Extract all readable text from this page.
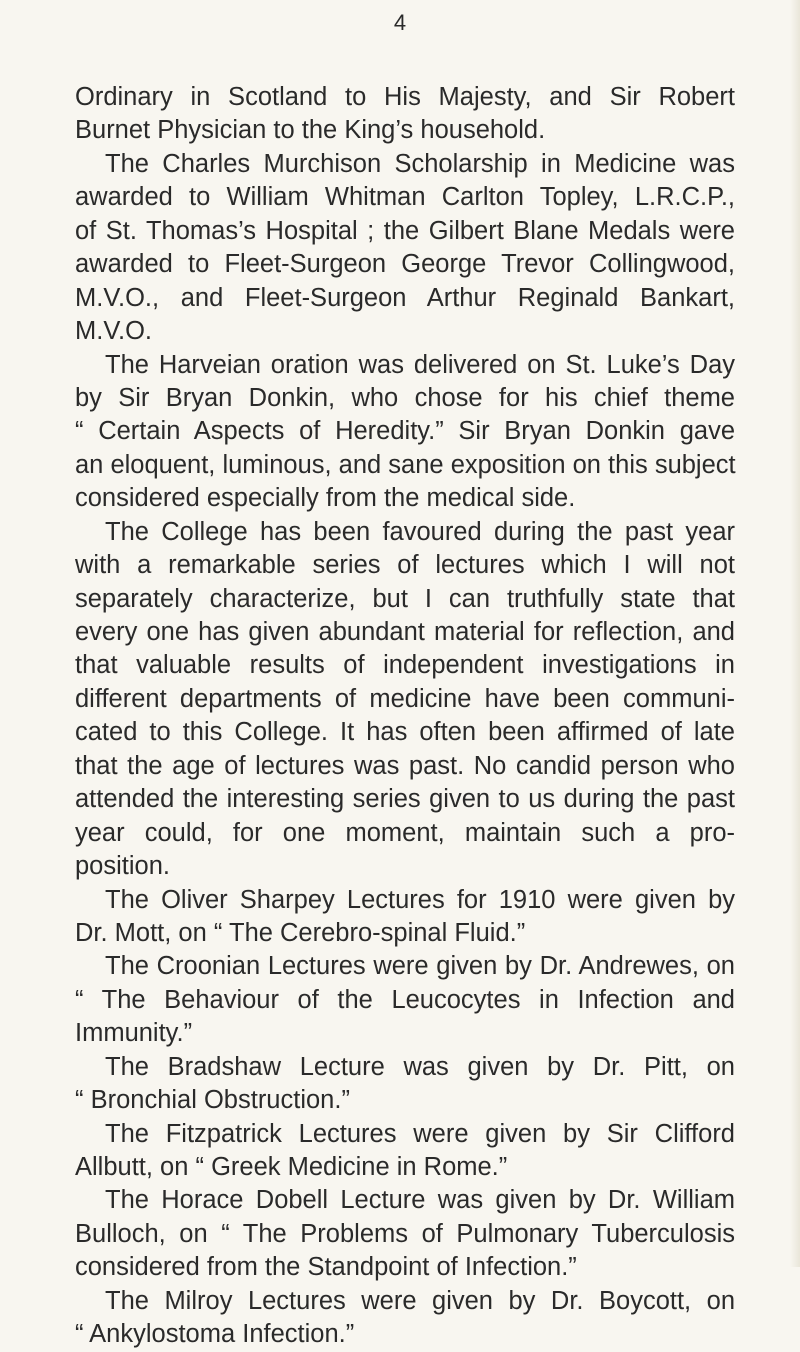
4
Ordinary in Scotland to His Majesty, and Sir Robert
Burnet Physician to the King’s household.
The Charles Murchison Scholarship in Medicine was
awarded to William Whitman Carlton Topley, L.R.C.P.,
of St. Thomas’s Hospital ; the Gilbert Blane Medals were
awarded to Fleet-Surgeon George Trevor Collingwood,
M.V.O., and Fleet-Surgeon Arthur Reginald Bankart,
M.V.O.
The Harveian oration was delivered on St. Luke’s Day
by Sir Bryan Donkin, who chose for his chief theme
“ Certain Aspects of Heredity.” Sir Bryan Donkin gave
an eloquent, luminous, and sane exposition on this subject
considered especially from the medical side.
The College has been favoured during the past year
with a remarkable series of lectures which I will not
separately characterize, but I can truthfully state that
every one has given abundant material for reflection, and
that valuable results of independent investigations in
different departments of medicine have been communi-
cated to this College. It has often been affirmed of late
that the age of lectures was past. No candid person who
attended the interesting series given to us during the past
year could, for one moment, maintain such a pro-
position.
The Oliver Sharpey Lectures for 1910 were given by
Dr. Mott, on “ The Cerebro-spinal Fluid.”
The Croonian Lectures were given by Dr. Andrewes, on
“ The Behaviour of the Leucocytes in Infection and
Immunity.”
The Bradshaw Lecture was given by Dr. Pitt, on
“ Bronchial Obstruction.”
The Fitzpatrick Lectures were given by Sir Clifford
Allbutt, on “ Greek Medicine in Rome.”
The Horace Dobell Lecture was given by Dr. William
Bulloch, on “ The Problems of Pulmonary Tuberculosis
considered from the Standpoint of Infection.”
The Milroy Lectures were given by Dr. Boycott, on
“ Ankylostoma Infection.”
